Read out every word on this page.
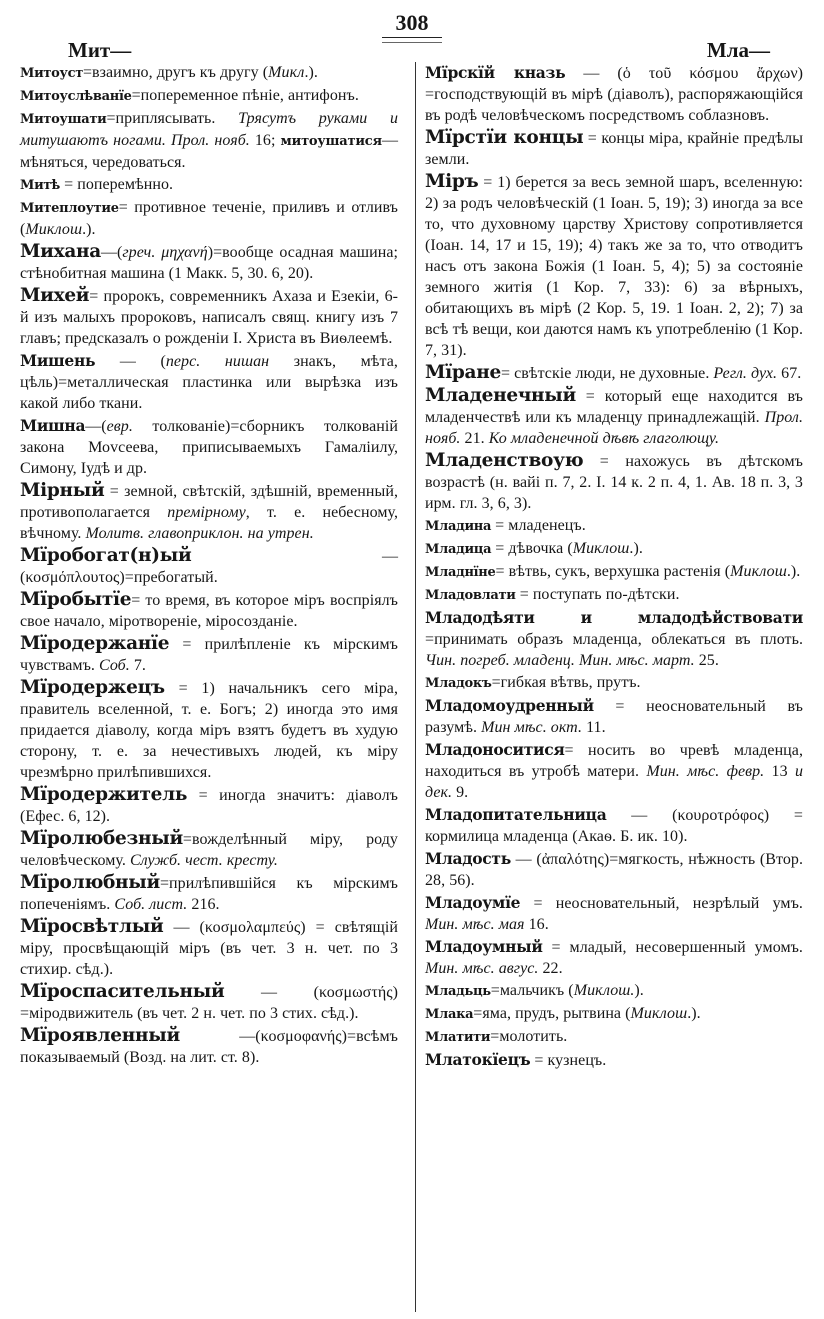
308
Мит—	Мла—
Митоуст=взаимно, другъ къ другу (Микл.).
Митоуслѣванїе=попеременное пѣніе, антифонъ.
Митоушати=приплясывать. Трясутъ руками и митушаютъ ногами. Прол. нояб. 16; митоушатися—мѣняться, чередоваться.
Митѣ = поперемѣнно.
Митеплоутие= противное теченіе, приливъ и отливъ (Миклош.).
Михана—(греч. μηχανή)=вообще осадная машина; стѣнобитная машина (1 Макк. 5, 30. 6, 20).
Михей= пророкъ, современникъ Ахаза и Езекіи, 6-й изъ малыхъ пророковъ, написалъ свящ. книгу изъ 7 главъ; предсказалъ о рожденіи І. Христа въ Виѳлеемѣ.
Мишень — (перс. нишан знакъ, мѣта, цѣль)=металлическая пластинка или вырѣзка изъ какой либо ткани.
Мишна—(евр. толкованіе)=сборникъ толкованій закона Моvсеева, приписываемыхъ Гамаліилу, Симону, Іудѣ и др.
Мірный = земной, свѣтскій, здѣшній, временный, противополагается премірному, т. е. небесному, вѣчному. Молитв. главоприклон. на утрен.
Мїробогат(н)ый — (κοσμόπλουτος)=пребогатый.
Мїробытїе= то время, въ которое міръ воспріялъ свое начало, міротвореніе, міросозданіе.
Мїродержанїе = прилѣпленіе къ мірскимъ чувствамъ. Соб. 7.
Мїродержецъ = 1) начальникъ сего міра, правитель вселенной, т. е. Богъ; 2) иногда это имя придается діаволу, когда міръ взятъ будетъ въ худую сторону, т. е. за нечестивыхъ людей, къ міру чрезмѣрно прилѣпившихся.
Мїродержитель = иногда значитъ: діаволъ (Ефес. 6, 12).
Мїролюбезный=вожделѣнный міру, роду человѣческому. Служб. чест. кресту.
Мїролюбный=прилѣпившійся къ мірскимъ попеченіямъ. Соб. лист. 216.
Мїросвѣтлый — (κοσμολαμπεύς) = свѣтящій міру, просвѣщающій міръ (въ чет. 3 н. чет. по 3 стихир. сѣд.).
Мїроспасительный — (κοσμωστής) =міродвижитель (въ чет. 2 н. чет. по 3 стих. сѣд.).
Мїроявленный —(κοσμοφανής)=всѣмъ показываемый (Возд. на лит. ст. 8).
Мїрскїй кназь — (ὁ τοῦ κόσμου ἄρχων) =господствующій въ мірѣ (діаволъ), распоряжающійся въ родѣ человѣческомъ посредствомъ соблазновъ.
Мїрстїи концы = концы міра, крайніе предѣлы земли.
Міръ = 1) берется за весь земной шаръ, вселенную: 2) за родъ человѣческій (1 Іоан. 5, 19); 3) иногда за все то, что духовному царству Христову сопротивляется (Іоан. 14, 17 и 15, 19); 4) такъ же за то, что отводитъ насъ отъ закона Божія (1 Іоан. 5, 4); 5) за состояніе земного житія (1 Кор. 7, 33): 6) за вѣрныхъ, обитающихъ въ мірѣ (2 Кор. 5, 19. 1 Іоан. 2, 2); 7) за всѣ тѣ вещи, кои даются намъ къ употребленію (1 Кор. 7, 31).
Мїране= свѣтскіе люди, не духовные. Регл. дух. 67.
Младенечный = который еще находится въ младенчествѣ или къ младенцу принадлежащій. Прол. нояб. 21. Ко младенечной дѣвѣ глаголющу.
Младенствоую = нахожусь въ дѣтскомъ возрастѣ (н. вайі п. 7, 2. І. 14 к. 2 п. 4, 1. Ав. 18 п. 3, 3 ирм. гл. 3, 6, 3).
Младина = младенецъ.
Младица = дѣвочка (Миклош.).
Младнїне= вѣтвь, сукъ, верхушка растенія (Миклош.).
Младовлати = поступать по-дѣтски.
Младодѣяти и младодѣйствовати =принимать образъ младенца, облекаться въ плоть. Чин. погреб. младенц. Мин. мѣс. март. 25.
Младокъ=гибкая вѣтвь, прутъ.
Младомоудренный = неосновательный въ разумѣ. Мин мѣс. окт. 11.
Младоноситися= носить во чревѣ младенца, находиться въ утробѣ матери. Мин. мѣс. февр. 13 и дек. 9.
Младопитательница — (κουροτρόφος) = кормилица младенца (Акаѳ. Б. ик. 10).
Младость — (ἀπαλότης)=мягкость, нѣжность (Втор. 28, 56).
Младоумїе = неосновательный, незрѣлый умъ. Мин. мѣс. мая 16.
Младоумный = младый, несовершенный умомъ. Мин. мѣс. авгус. 22.
Младьць=мальчикъ (Миклош.).
Млака=яма, прудъ, рытвина (Миклош.).
Млатити=молотить.
Млатокїецъ = кузнецъ.
